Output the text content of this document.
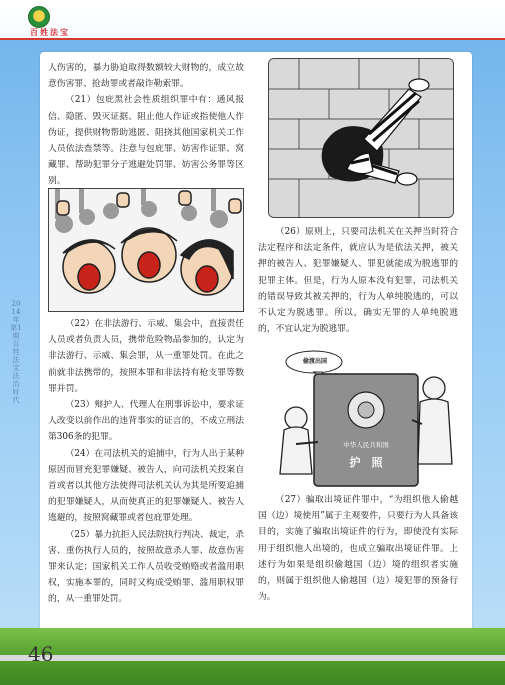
百姓法宝
2014年第1期 百姓法宝 法治时代

人伤害的，暴力胁迫取得数额较大财物的，成立故意伤害罪、抢劫罪或者敲诈勒索罪。

（21）包庇黑社会性质组织罪中有：通风报信、隐匿、毁灭证据、阻止他人作证或指使他人作伪证，提供财物帮助逃匿、阻挠其他国家机关工作人员依法查禁等。注意与包庇罪、妨害作证罪、窝藏罪、帮助犯罪分子逃避处罚罪、妨害公务罪等区别。

（22）在非法游行、示威、集会中，直接责任人员或者负责人员，携带危险物品参加的，认定为非法游行、示威、集会罪，从一重罪处罚。在此之前就非法携带的，按照本罪和非法持有枪支罪等数罪并罚。

（23）辩护人、代理人在刑事诉讼中，要求证人改变以前作出的违背事实的证言的，不成立刑法第306条的犯罪。

（24）在司法机关的追捕中，行为人出于某种原因而冒充犯罪嫌疑、被告人，向司法机关投案自首或者以其他方法使得司法机关认为其是所要追捕的犯罪嫌疑人，从而使真正的犯罪嫌疑人、被告人逃避的，按照窝藏罪或者包庇罪处理。

（25）暴力抗拒人民法院执行判决、裁定，杀害、重伤执行人员的，按照故意杀人罪、故意伤害罪来认定；国家机关工作人员收受贿赂或者滥用职权，实施本罪的，同时又构成受贿罪、滥用职权罪的，从一重罪处罚。

（26）原则上，只要司法机关在关押当时符合法定程序和法定条件，就应认为是依法关押，被关押的被告人、犯罪嫌疑人、罪犯就能成为脱逃罪的犯罪主体。但是，行为人原本没有犯罪，司法机关的错误导致其被关押的，行为人单纯脱逃的，可以不认定为脱逃罪。所以，确实无罪的人单纯脱逃的，不宜认定为脱逃罪。

偷渡出国
中华人民共和国
护　照

（27）骗取出境证件罪中，“为组织他人偷越国（边）境使用”属于主观要件，只要行为人具备该目的，实施了骗取出境证件的行为，即使没有实际用于组织他人出境的，也成立骗取出境证件罪。上述行为如果是组织偷越国（边）境的组织者实施的，则属于组织他人偷越国（边）境犯罪的预备行为。

46
